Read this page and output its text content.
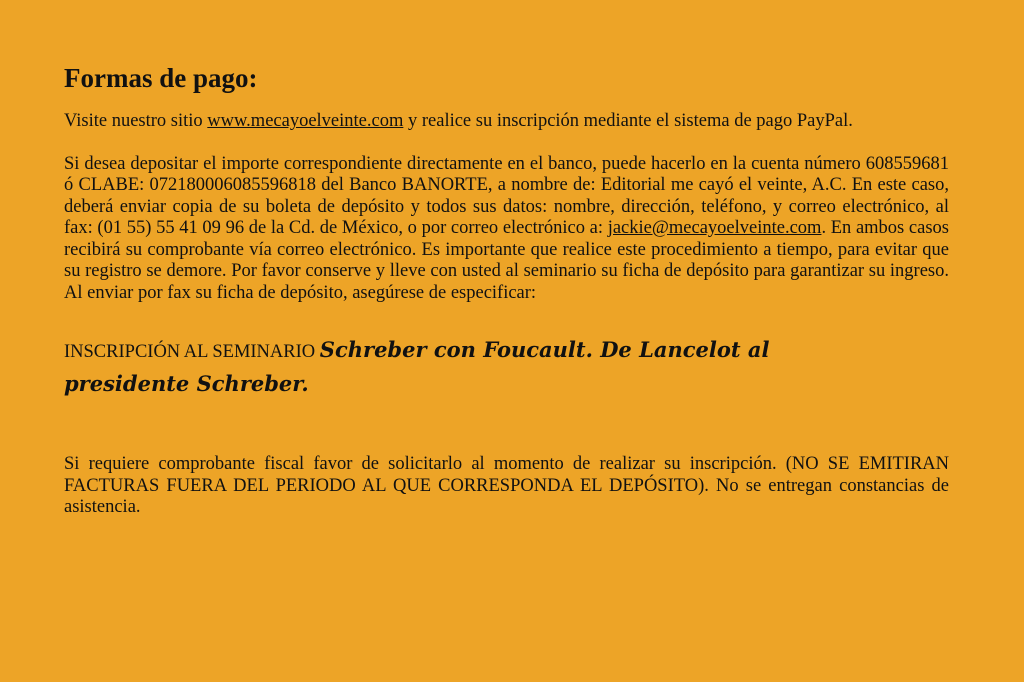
Formas de pago:

Visite nuestro sitio www.mecayoelveinte.com y realice su inscripción mediante el sistema de pago PayPal.

Si desea depositar el importe correspondiente directamente en el banco, puede hacerlo en la cuenta número 608559681 ó CLABE: 072180006085596818 del Banco BANORTE, a nombre de: Editorial me cayó el veinte, A.C. En este caso, deberá enviar copia de su boleta de depósito y todos sus datos: nombre, dirección, teléfono, y correo electrónico, al fax: (01 55) 55 41 09 96 de la Cd. de México, o por correo electrónico a: jackie@mecayoelveinte.com. En ambos casos recibirá su comprobante vía correo electrónico. Es importante que realice este procedimiento a tiempo, para evitar que su registro se demore. Por favor conserve y lleve con usted al seminario su ficha de depósito para garantizar su ingreso. Al enviar por fax su ficha de depósito, asegúrese de especificar:

INSCRIPCIÓN AL SEMINARIO Schreber con Foucault. De Lancelot al

presidente Schreber.

Si requiere comprobante fiscal favor de solicitarlo al momento de realizar su inscripción. (NO SE EMITIRAN FACTURAS FUERA DEL PERIODO AL QUE CORRESPONDA EL DEPÓSITO). No se entregan constancias de asistencia.
